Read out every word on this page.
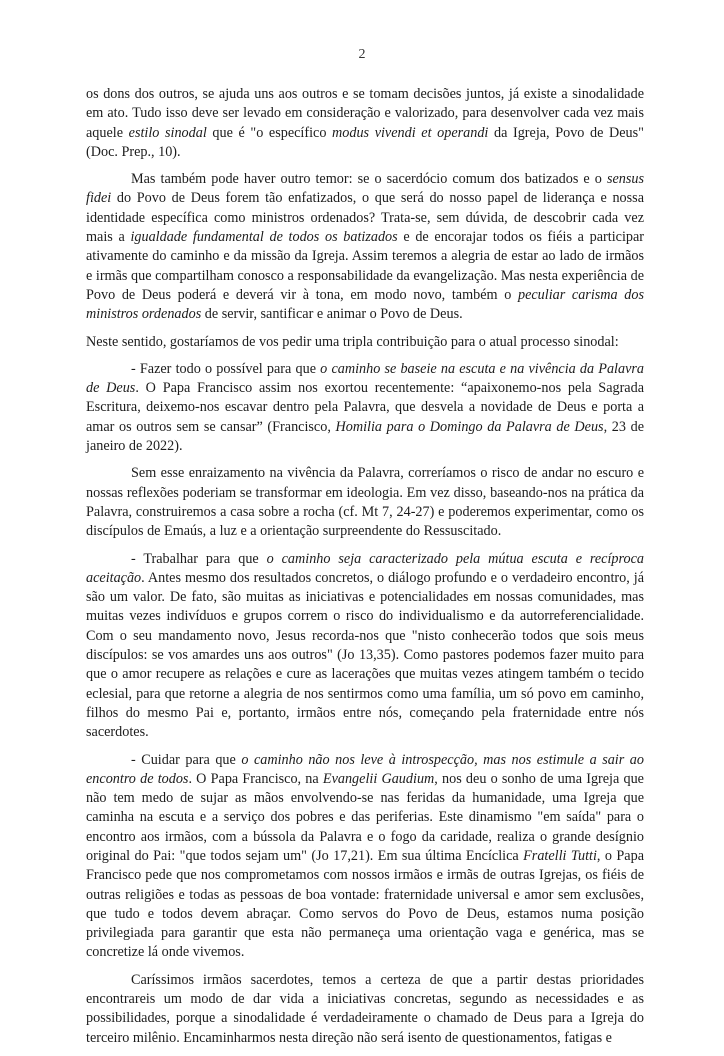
2

os dons dos outros, se ajuda uns aos outros e se tomam decisões juntos, já existe a sinodalidade em ato. Tudo isso deve ser levado em consideração e valorizado, para desenvolver cada vez mais aquele estilo sinodal que é "o específico modus vivendi et operandi da Igreja, Povo de Deus" (Doc. Prep., 10).

Mas também pode haver outro temor: se o sacerdócio comum dos batizados e o sensus fidei do Povo de Deus forem tão enfatizados, o que será do nosso papel de liderança e nossa identidade específica como ministros ordenados? Trata-se, sem dúvida, de descobrir cada vez mais a igualdade fundamental de todos os batizados e de encorajar todos os fiéis a participar ativamente do caminho e da missão da Igreja. Assim teremos a alegria de estar ao lado de irmãos e irmãs que compartilham conosco a responsabilidade da evangelização. Mas nesta experiência de Povo de Deus poderá e deverá vir à tona, em modo novo, também o peculiar carisma dos ministros ordenados de servir, santificar e animar o Povo de Deus.

Neste sentido, gostaríamos de vos pedir uma tripla contribuição para o atual processo sinodal:

- Fazer todo o possível para que o caminho se baseie na escuta e na vivência da Palavra de Deus. O Papa Francisco assim nos exortou recentemente: “apaixonemo-nos pela Sagrada Escritura, deixemo-nos escavar dentro pela Palavra, que desvela a novidade de Deus e porta a amar os outros sem se cansar” (Francisco, Homilia para o Domingo da Palavra de Deus, 23 de janeiro de 2022).

Sem esse enraizamento na vivência da Palavra, correríamos o risco de andar no escuro e nossas reflexões poderiam se transformar em ideologia. Em vez disso, baseando-nos na prática da Palavra, construiremos a casa sobre a rocha (cf. Mt 7, 24-27) e poderemos experimentar, como os discípulos de Emaús, a luz e a orientação surpreendente do Ressuscitado.

- Trabalhar para que o caminho seja caracterizado pela mútua escuta e recíproca aceitação. Antes mesmo dos resultados concretos, o diálogo profundo e o verdadeiro encontro, já são um valor. De fato, são muitas as iniciativas e potencialidades em nossas comunidades, mas muitas vezes indivíduos e grupos correm o risco do individualismo e da autorreferencialidade. Com o seu mandamento novo, Jesus recorda-nos que "nisto conhecerão todos que sois meus discípulos: se vos amardes uns aos outros" (Jo 13,35). Como pastores podemos fazer muito para que o amor recupere as relações e cure as lacerações que muitas vezes atingem também o tecido eclesial, para que retorne a alegria de nos sentirmos como uma família, um só povo em caminho, filhos do mesmo Pai e, portanto, irmãos entre nós, começando pela fraternidade entre nós sacerdotes.

- Cuidar para que o caminho não nos leve à introspecção, mas nos estimule a sair ao encontro de todos. O Papa Francisco, na Evangelii Gaudium, nos deu o sonho de uma Igreja que não tem medo de sujar as mãos envolvendo-se nas feridas da humanidade, uma Igreja que caminha na escuta e a serviço dos pobres e das periferias. Este dinamismo "em saída" para o encontro aos irmãos, com a bússola da Palavra e o fogo da caridade, realiza o grande desígnio original do Pai: "que todos sejam um" (Jo 17,21). Em sua última Encíclica Fratelli Tutti, o Papa Francisco pede que nos comprometamos com nossos irmãos e irmãs de outras Igrejas, os fiéis de outras religiões e todas as pessoas de boa vontade: fraternidade universal e amor sem exclusões, que tudo e todos devem abraçar. Como servos do Povo de Deus, estamos numa posição privilegiada para garantir que esta não permaneça uma orientação vaga e genérica, mas se concretize lá onde vivemos.

Caríssimos irmãos sacerdotes, temos a certeza de que a partir destas prioridades encontrareis um modo de dar vida a iniciativas concretas, segundo as necessidades e as possibilidades, porque a sinodalidade é verdadeiramente o chamado de Deus para a Igreja do terceiro milênio. Encaminharmos nesta direção não será isento de questionamentos, fatigas e
